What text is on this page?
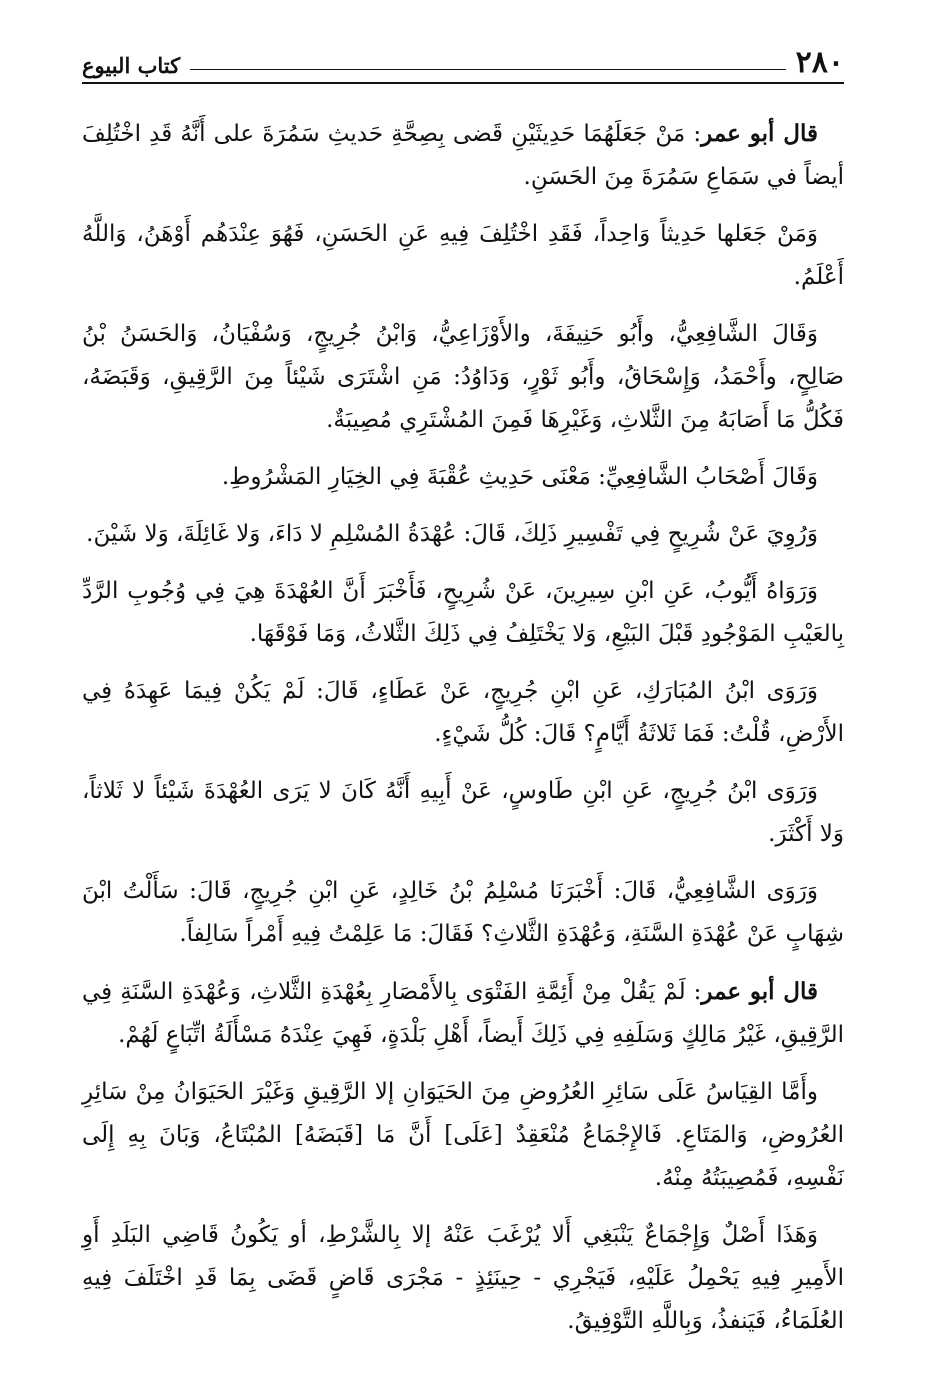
٢٨٠
كتاب البيوع

قال أبو عمر: مَنْ جَعَلَهُمَا حَدِيثَيْنِ قَضى بِصِحَّةِ حَديثِ سَمُرَةَ على أَنَّهُ قَدِ اخْتُلِفَ أيضاً في سَمَاعِ سَمُرَةَ مِنَ الحَسَنِ.

وَمَنْ جَعَلها حَدِيثاً وَاحِداً، فَقَدِ اخْتُلِفَ فِيهِ عَنِ الحَسَنِ، فَهُوَ عِنْدَهُم أَوْهَنُ، وَاللَّهُ أَعْلَمُ.

وَقَالَ الشَّافِعِيُّ، وأَبُو حَنِيفَةَ، والأَوْزَاعِيُّ، وَابْنُ جُرِيجٍ، وَسُفْيَانُ، وَالحَسَنُ بْنُ صَالِحٍ، وأَحْمَدُ، وَإِسْحَاقُ، وأَبُو ثَوْرٍ، وَدَاوُدُ: مَنِ اشْتَرَى شَيْئاً مِنَ الرَّقِيقِ، وَقَبَضَهُ، فَكُلُّ مَا أَصَابَهُ مِنَ الثَّلاثِ، وَغَيْرِهَا فَمِنَ المُشْتَرِي مُصِيبَةٌ.

وَقَالَ أَصْحَابُ الشَّافِعِيِّ: مَعْنَى حَدِيثِ عُقْبَةَ فِي الخِيَارِ المَشْرُوطِ.

وَرُوِيَ عَنْ شُرِيحٍ فِي تَفْسِيرِ ذَلِكَ، قَالَ: عُهْدَةُ المُسْلِمِ لا دَاءَ، وَلا غَائِلَةَ، وَلا شَيْنَ.

وَرَوَاهُ أَيُّوبُ، عَنِ ابْنِ سِيرِينَ، عَنْ شُرِيحٍ، فَأَخْبَرَ أَنَّ العُهْدَةَ هِيَ فِي وُجُوبِ الرَّدِّ بِالعَيْبِ المَوْجُودِ قَبْلَ البَيْعِ، وَلا يَخْتَلِفُ فِي ذَلِكَ الثَّلاثُ، وَمَا فَوْقَهَا.

وَرَوَى ابْنُ المُبَارَكِ، عَنِ ابْنِ جُرِيجٍ، عَنْ عَطَاءٍ، قَالَ: لَمْ يَكُنْ فِيمَا عَهِدَهُ فِي الأَرْضِ، قُلْتُ: فَمَا ثَلاثَةُ أَيَّامٍ؟ قَالَ: كُلُّ شَيْءٍ.

وَرَوَى ابْنُ جُرِيجٍ، عَنِ ابْنِ طَاوسٍ، عَنْ أَبِيهِ أَنَّهُ كَانَ لا يَرَى العُهْدَةَ شَيْئاً لا ثَلاثاً، وَلا أَكْثَرَ.

وَرَوَى الشَّافِعِيُّ، قَالَ: أَخْبَرَنَا مُسْلِمُ بْنُ خَالِدٍ، عَنِ ابْنِ جُرِيجٍ، قَالَ: سَأَلْتُ ابْنَ شِهَابٍ عَنْ عُهْدَةِ السَّنَةِ، وَعُهْدَةِ الثَّلاثِ؟ فَقَالَ: مَا عَلِمْتُ فِيهِ أَمْراً سَالِفاً.

قال أبو عمر: لَمْ يَقُلْ مِنْ أَئِمَّةِ الفَتْوَى بِالأَمْصَارِ بِعُهْدَةِ الثَّلاثِ، وَعُهْدَةِ السَّنَةِ فِي الرَّقِيقِ، غَيْرُ مَالِكٍ وَسَلَفِهِ فِي ذَلِكَ أَيضاً، أَهْلِ بَلْدَةٍ، فَهِيَ عِنْدَهُ مَسْأَلَةُ اتِّبَاعٍ لَهُمْ.

وأَمَّا القِيَاسُ عَلَى سَائِرِ العُرُوضِ مِنَ الحَيَوَانِ إلا الرَّقِيقِ وَغَيْرَ الحَيَوَانُ مِنْ سَائِرِ العُرُوضِ، وَالمَتَاعِ. فَالإِجْمَاعُ مُنْعَقِدٌ [عَلَى] أَنَّ مَا [قَبَضَهُ] المُبْتَاعُ، وَبَانَ بِهِ إِلَى نَفْسِهِ، فَمُصِيبَتُهُ مِنْهُ.

وَهَذَا أَصْلٌ وَإِجْمَاعٌ يَنْبَغِي أَلا يُرْغَبَ عَنْهُ إلا بِالشَّرْطِ، أو يَكُونُ قَاضِي البَلَدِ أَوِ الأَمِيرِ فِيهِ يَحْمِلُ عَلَيْهِ، فَيَجْرِي - حِينَئِذٍ - مَجْرَى قَاضٍ قَضَى بِمَا قَدِ اخْتَلَفَ فِيهِ العُلَمَاءُ، فَيَنفذُ، وَبِاللَّهِ التَّوْفِيقُ.
